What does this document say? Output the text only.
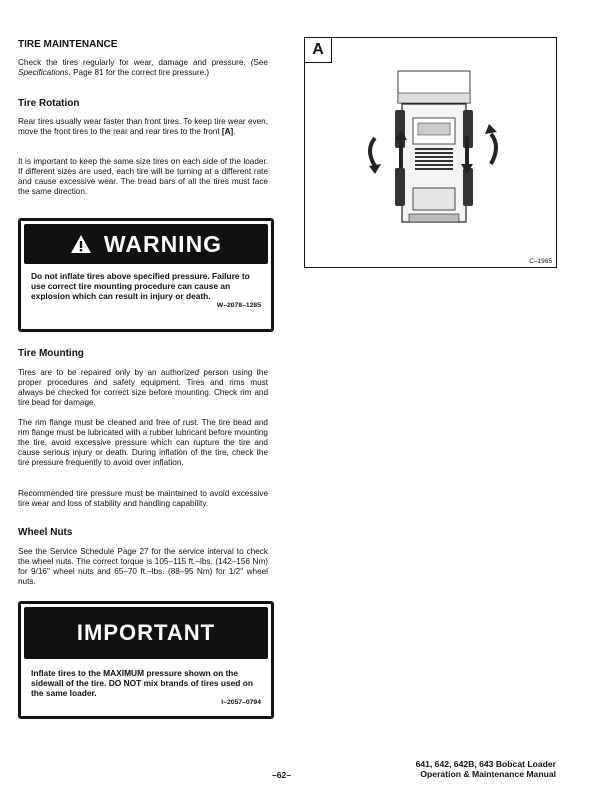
TIRE MAINTENANCE

Check the tires regularly for wear, damage and pressure. (See Specifications, Page 81 for the correct tire pressure.)

Tire Rotation

Rear tires usually wear faster than front tires. To keep tire wear even, move the front tires to the rear and rear tires to the front [A].

It is important to keep the same size tires on each side of the loader. If different sizes are used, each tire will be turning at a different rate and cause excessive wear. The tread bars of all the tires must face the same direction.

WARNING

Do not inflate tires above specified pressure. Failure to use correct tire mounting procedure can cause an explosion which can result in injury or death.

W–2078–1285
Tire Mounting

Tires are to be repaired only by an authorized person using the proper procedures and safety equipment. Tires and rims must always be checked for correct size before mounting. Check rim and tire bead for damage.

The rim flange must be cleaned and free of rust. The tire bead and rim flange must be lubricated with a rubber lubricant before mounting the tire, avoid excessive pressure which can rupture the tire and cause serious injury or death. During inflation of the tire, check the tire pressure frequently to avoid over inflation.

Recommended tire pressure must be maintained to avoid excessive tire wear and loss of stability and handling capability.

Wheel Nuts

See the Service Schedule Page 27 for the service interval to check the wheel nuts. The correct torque is 105–115 ft.–lbs. (142–156 Nm) for 9/16" wheel nuts and 65–70 ft.–lbs. (88–95 Nm) for 1/2" wheel nuts.

IMPORTANT

Inflate tires to the MAXIMUM pressure shown on the sidewall of the tire. DO NOT mix brands of tires used on the same loader.

I–2057–0794
A
C–1965
–62–
641, 642, 642B, 643 Bobcat Loader
Operation & Maintenance Manual
